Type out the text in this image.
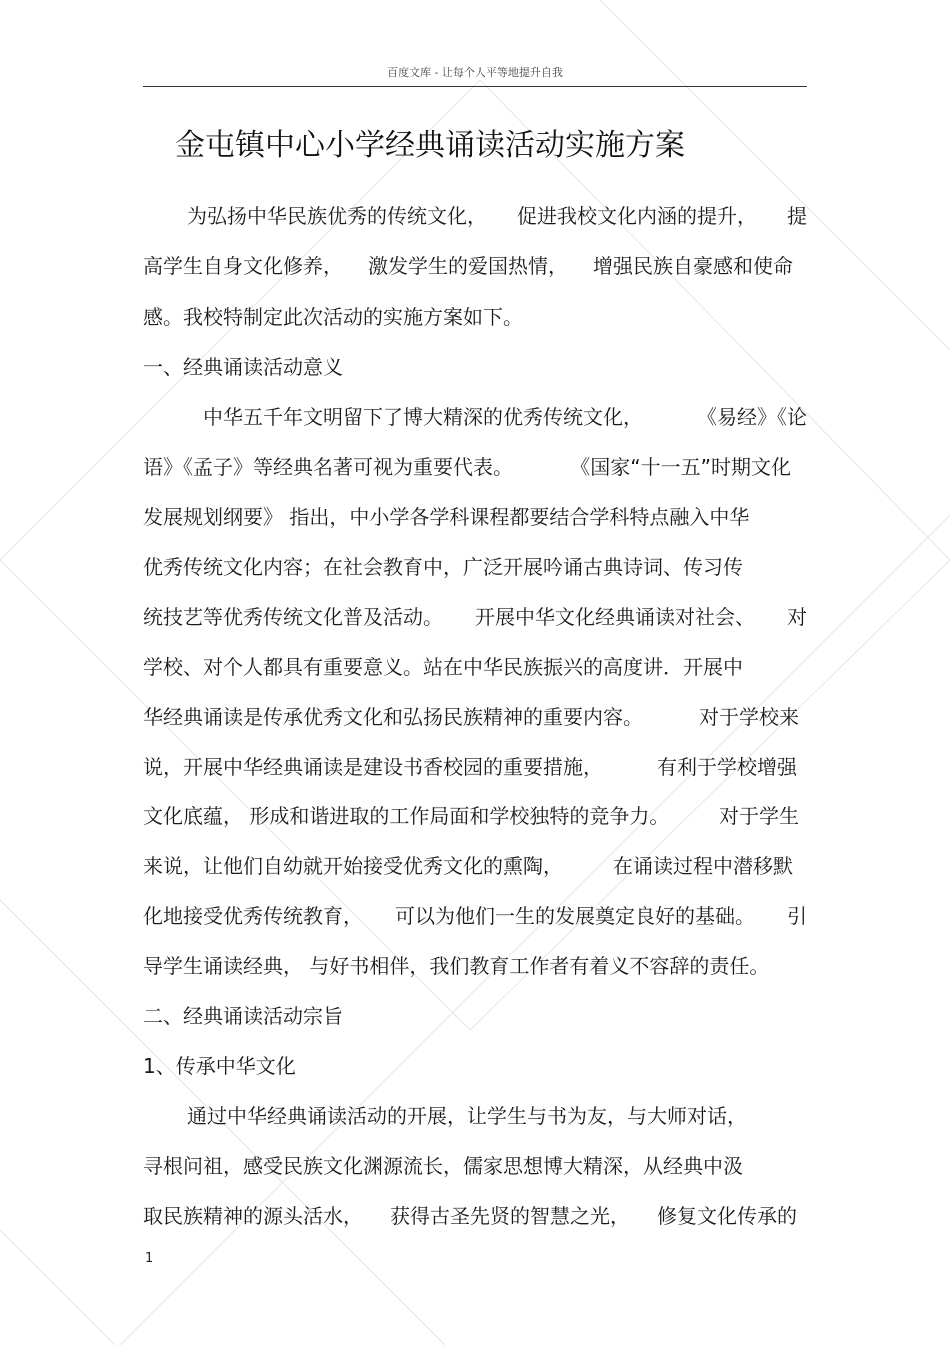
百度文库 - 让每个人平等地提升自我
金屯镇中心小学经典诵读活动实施方案
为弘扬中华民族优秀的传统文化， 促进我校文化内涵的提升， 提
高学生自身文化修养， 激发学生的爱国热情， 增强民族自豪感和使命
感。我校特制定此次活动的实施方案如下。
一、经典诵读活动意义
中华五千年文明留下了博大精深的优秀传统文化，	《易经》《论
语》《孟子》等经典名著可视为重要代表。	《国家“十一五”时期文化
发展规划纲要》 指出，中小学各学科课程都要结合学科特点融入中华
优秀传统文化内容；在社会教育中，广泛开展吟诵古典诗词、传习传
统技艺等优秀传统文化普及活动。 开展中华文化经典诵读对社会、 对
学校、对个人都具有重要意义。站在中华民族振兴的高度讲．开展中
华经典诵读是传承优秀文化和弘扬民族精神的重要内容。	对于学校来
说，开展中华经典诵读是建设书香校园的重要措施，	有利于学校增强
文化底蕴， 形成和谐进取的工作局面和学校独特的竞争力。 对于学生
来说，让他们自幼就开始接受优秀文化的熏陶，	在诵读过程中潜移默
化地接受优秀传统教育， 可以为他们一生的发展奠定良好的基础。 引
导学生诵读经典， 与好书相伴，我们教育工作者有着义不容辞的责任。
二、经典诵读活动宗旨
1、传承中华文化
通过中华经典诵读活动的开展，让学生与书为友，与大师对话，
寻根问祖，感受民族文化渊源流长，儒家思想博大精深，从经典中汲
取民族精神的源头活水， 获得古圣先贤的智慧之光， 修复文化传承的
1
